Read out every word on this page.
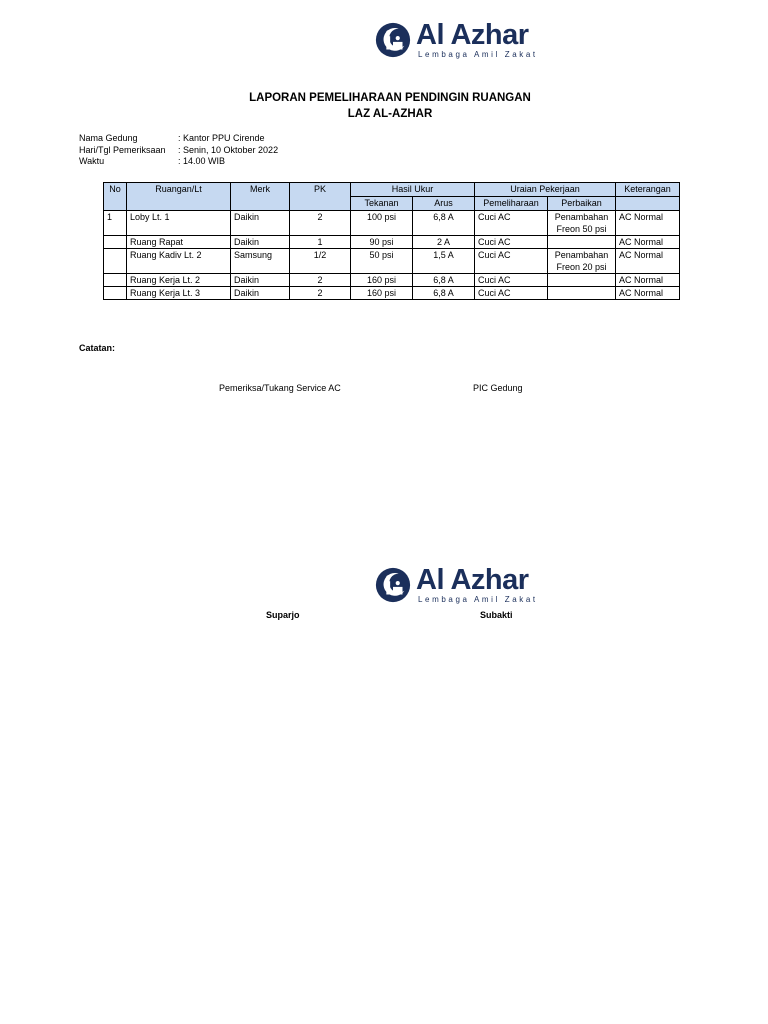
Al Azhar
Lembaga Amil Zakat
LAPORAN PEMELIHARAAN PENDINGIN RUANGAN
LAZ AL-AZHAR
Nama Gedung	: Kantor PPU Cirende
Hari/Tgl Pemeriksaan	: Senin, 10 Oktober 2022
Waktu	: 14.00 WIB
No	Ruangan/Lt	Merk	PK	Hasil Ukur		Uraian Pekerjaan		Keterangan
				Tekanan	Arus	Pemeliharaan	Perbaikan	
1	Loby Lt. 1	Daikin	2	100 psi	6,8 A	Cuci AC	Penambahan Freon 50 psi	AC Normal
	Ruang Rapat	Daikin	1	90 psi	2 A	Cuci AC		AC Normal
	Ruang Kadiv Lt. 2	Samsung	1/2	50 psi	1,5 A	Cuci AC	Penambahan Freon 20 psi	AC Normal
	Ruang Kerja Lt. 2	Daikin	2	160 psi	6,8 A	Cuci AC		AC Normal
	Ruang Kerja Lt. 3	Daikin	2	160 psi	6,8 A	Cuci AC		AC Normal
Catatan:
Pemeriksa/Tukang Service AC	PIC Gedung
Al Azhar
Lembaga Amil Zakat
Suparjo	Subakti
